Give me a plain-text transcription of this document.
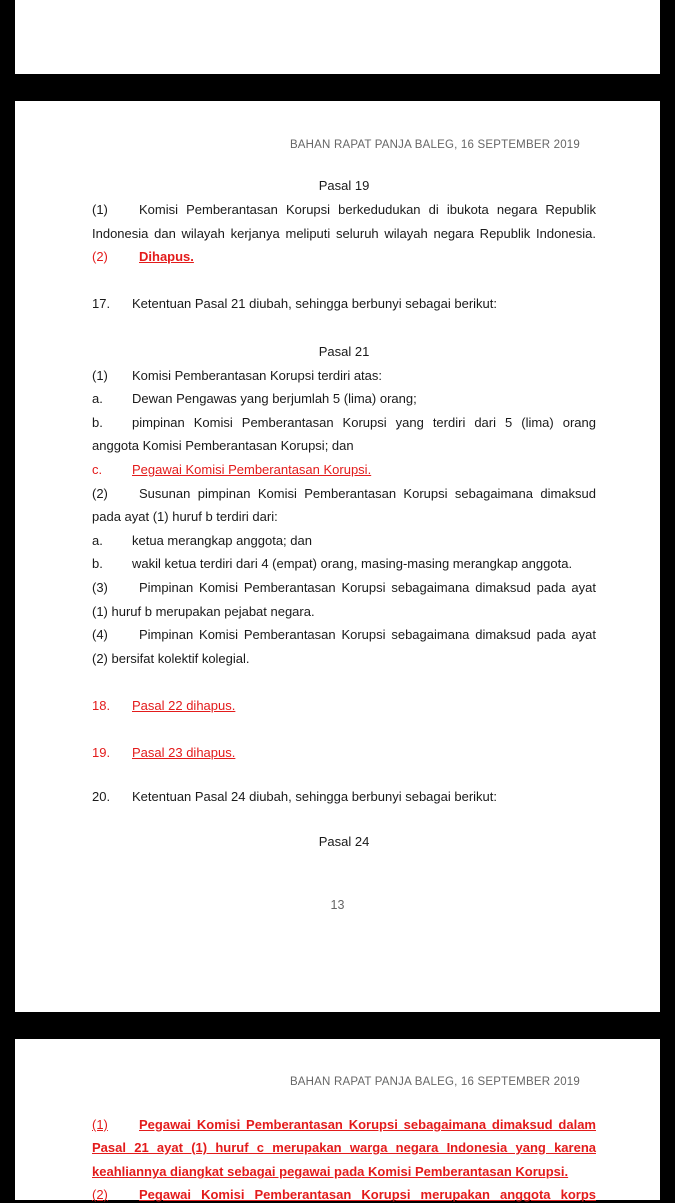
BAHAN RAPAT PANJA BALEG, 16 SEPTEMBER 2019
Pasal 19
(1) Komisi Pemberantasan Korupsi berkedudukan di ibukota negara Republik
Indonesia dan wilayah kerjanya meliputi seluruh wilayah negara Republik Indonesia.
(2) Dihapus.
17. Ketentuan Pasal 21 diubah, sehingga berbunyi sebagai berikut:
Pasal 21
(1) Komisi Pemberantasan Korupsi terdiri atas:
a. Dewan Pengawas yang berjumlah 5 (lima) orang;
b. pimpinan Komisi Pemberantasan Korupsi yang terdiri dari 5 (lima) orang
anggota Komisi Pemberantasan Korupsi; dan
c. Pegawai Komisi Pemberantasan Korupsi.
(2) Susunan pimpinan Komisi Pemberantasan Korupsi sebagaimana dimaksud
pada ayat (1) huruf b terdiri dari:
a. ketua merangkap anggota; dan
b. wakil ketua terdiri dari 4 (empat) orang, masing-masing merangkap anggota.
(3) Pimpinan Komisi Pemberantasan Korupsi sebagaimana dimaksud pada ayat
(1) huruf b merupakan pejabat negara.
(4) Pimpinan Komisi Pemberantasan Korupsi sebagaimana dimaksud pada ayat
(2) bersifat kolektif kolegial.
18. Pasal 22 dihapus.
19. Pasal 23 dihapus.
20. Ketentuan Pasal 24 diubah, sehingga berbunyi sebagai berikut:
Pasal 24
13
BAHAN RAPAT PANJA BALEG, 16 SEPTEMBER 2019
(1) Pegawai Komisi Pemberantasan Korupsi sebagaimana dimaksud dalam
Pasal 21 ayat (1) huruf c merupakan warga negara Indonesia yang karena
keahliannya diangkat sebagai pegawai pada Komisi Pemberantasan Korupsi.
(2) Pegawai Komisi Pemberantasan Korupsi merupakan anggota korps
